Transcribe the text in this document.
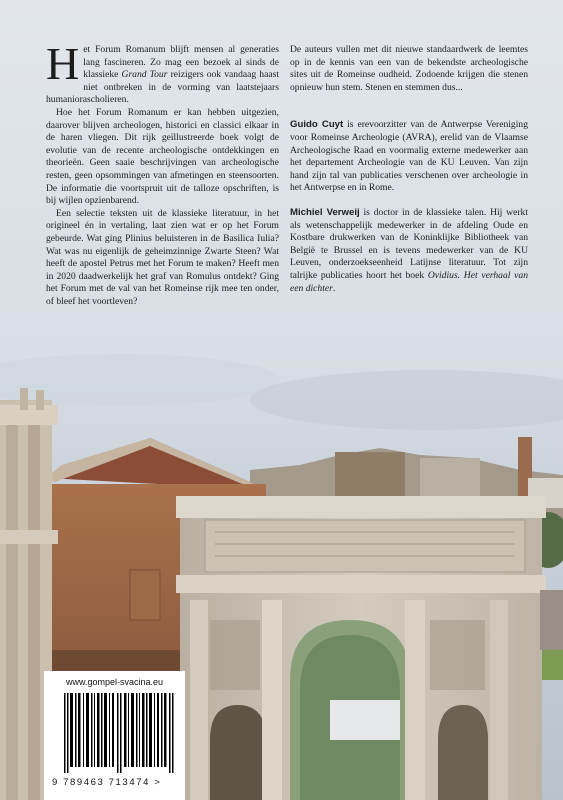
Het Forum Romanum blijft mensen al generaties lang fascineren. Zo mag een bezoek al sinds de klassieke Grand Tour reizigers ook vandaag haast niet ontbreken in de vorming van laatstejaars humaniorascholieren.

Hoe het Forum Romanum er kan hebben uitgezien, daarover blijven archeologen, historici en classici elkaar in de haren vliegen. Dit rijk geïllustreerde boek volgt de evolutie van de recente archeologische ontdekkingen en theorieën. Geen saaie beschrijvingen van archeologische resten, geen opsommingen van afmetingen en steensoorten. De informatie die voortspruit uit de talloze opschriften, is bij wijlen opzienbarend.

Een selectie teksten uit de klassieke literatuur, in het origineel én in vertaling, laat zien wat er op het Forum gebeurde. Wat ging Plinius beluisteren in de Basilica Iulia? Wat was nu eigenlijk de geheimzinnige Zwarte Steen? Wat heeft de apostel Petrus met het Forum te maken? Heeft men in 2020 daadwerkelijk het graf van Romulus ontdekt? Ging het Forum met de val van het Romeinse rijk mee ten onder, of bleef het voortleven?

De auteurs vullen met dit nieuwe standaardwerk de leemtes op in de kennis van een van de bekendste archeologische sites uit de Romeinse oudheid. Zodoende krijgen die stenen opnieuw hun stem. Stenen en stemmen dus...

Guido Cuyt is erevoorzitter van de Antwerpse Vereniging voor Romeinse Archeologie (AVRA), erelid van de Vlaamse Archeologische Raad en voormalig externe medewerker aan het departement Archeologie van de KU Leuven. Van zijn hand zijn tal van publicaties verschenen over archeologie in het Antwerpse en in Rome.

Michiel Verweij is doctor in de klassieke talen. Hij werkt als wetenschappelijk medewerker in de afdeling Oude en Kostbare drukwerken van de Koninklijke Bibliotheek van België te Brussel en is tevens medewerker van de KU Leuven, onderzoekseenheid Latijnse literatuur. Tot zijn talrijke publicaties hoort het boek Ovidius. Het verhaal van een dichter.

www.gompel-svacina.eu
9 789463 713474 >
